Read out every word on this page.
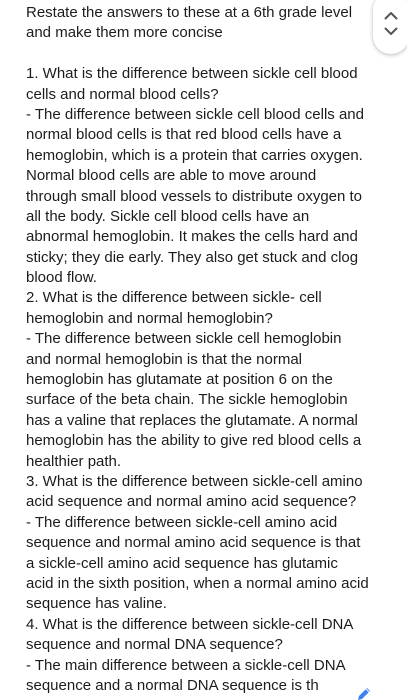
Restate the answers to these at a 6th grade level
and make them more concise
1. What is the difference between sickle cell blood
cells and normal blood cells?
- The difference between sickle cell blood cells and
normal blood cells is that red blood cells have a
hemoglobin, which is a protein that carries oxygen.
Normal blood cells are able to move around
through small blood vessels to distribute oxygen to
all the body. Sickle cell blood cells have an
abnormal hemoglobin. It makes the cells hard and
sticky; they die early. They also get stuck and clog
blood flow.
2. What is the difference between sickle- cell
hemoglobin and normal hemoglobin?
- The difference between sickle cell hemoglobin
and normal hemoglobin is that the normal
hemoglobin has glutamate at position 6 on the
surface of the beta chain. The sickle hemoglobin
has a valine that replaces the glutamate. A normal
hemoglobin has the ability to give red blood cells a
healthier path.
3. What is the difference between sickle-cell amino
acid sequence and normal amino acid sequence?
- The difference between sickle-cell amino acid
sequence and normal amino acid sequence is that
a sickle-cell amino acid sequence has glutamic
acid in the sixth position, when a normal amino acid
sequence has valine.
4. What is the difference between sickle-cell DNA
sequence and normal DNA sequence?
- The main difference between a sickle-cell DNA
sequence and a normal DNA sequence is th
